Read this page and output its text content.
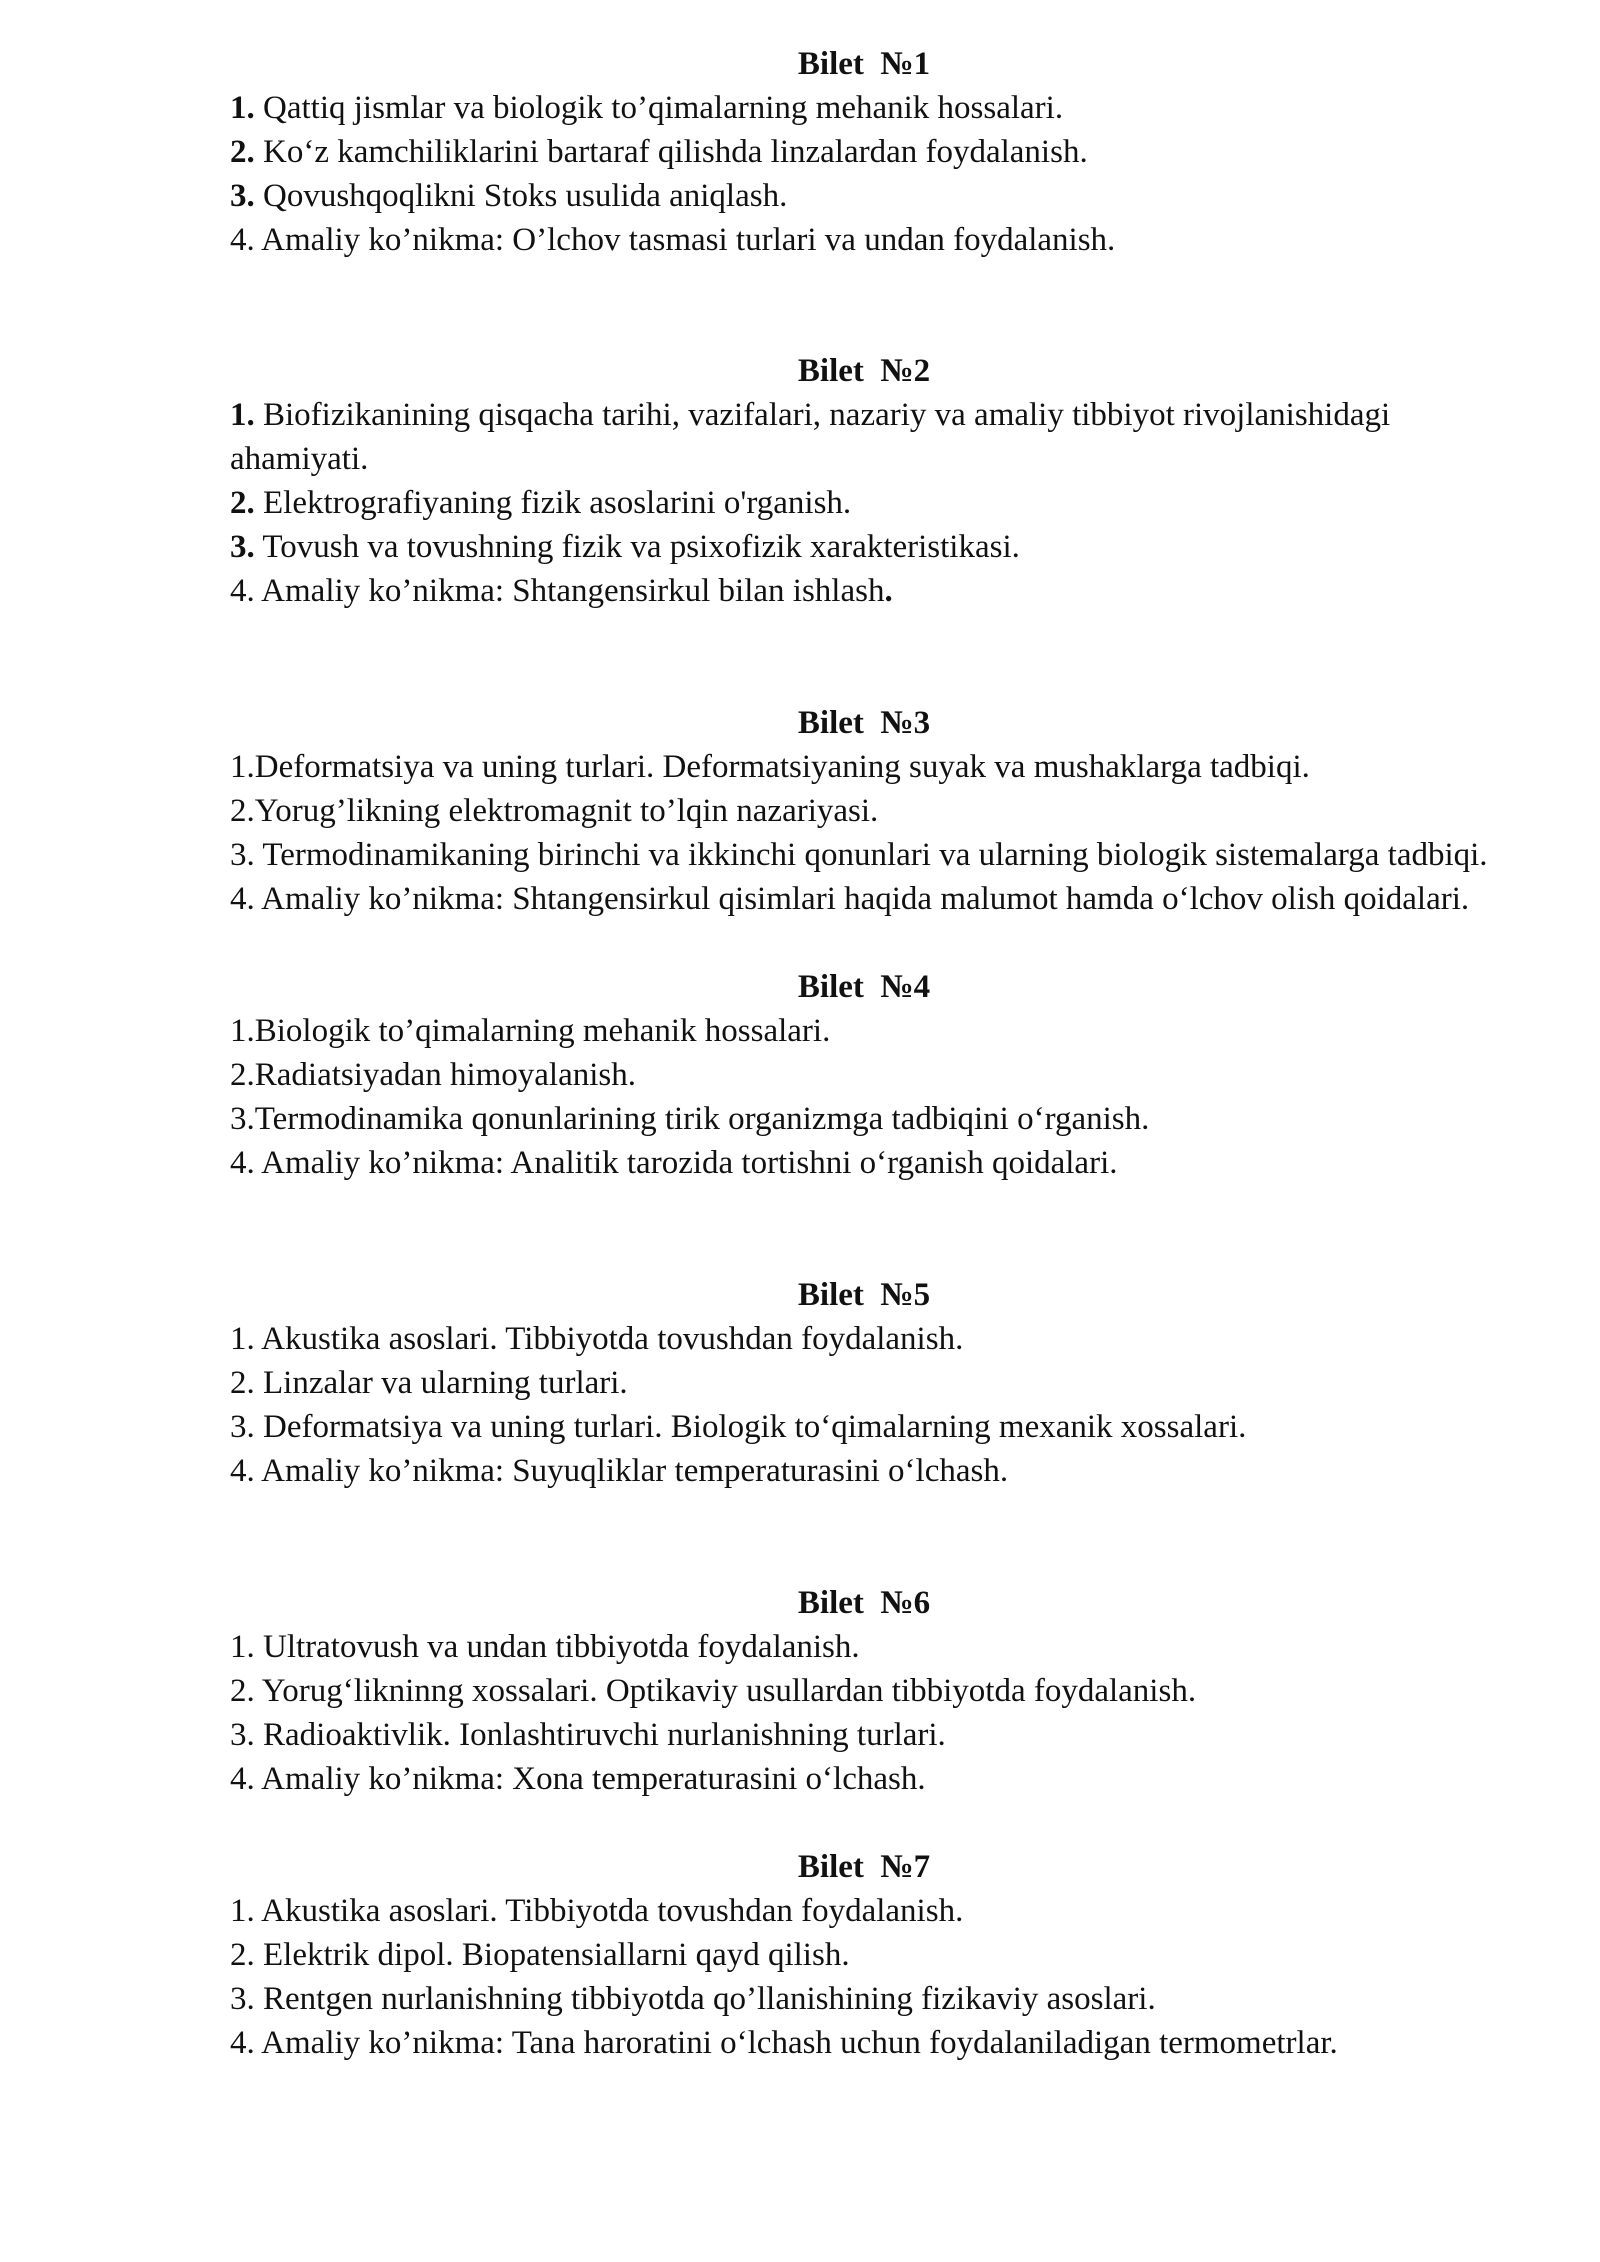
Bilet  №1

1. Qattiq jismlar va biologik to’qimalarning mehanik hossalari.

2. Ko‘z kamchiliklarini bartaraf qilishda linzalardan foydalanish.

3. Qovushqoqlikni Stoks usulida aniqlash.

4. Amaliy ko’nikma: O’lchov tasmasi turlari va undan foydalanish.

Bilet  №2

1. Biofizikanining qisqacha tarihi, vazifalari, nazariy va amaliy tibbiyot rivojlanishidagi ahamiyati.

2. Elektrografiyaning fizik asoslarini o'rganish.

3. Tovush va tovushning fizik va psixofizik xarakteristikasi.

4. Amaliy ko’nikma: Shtangensirkul bilan ishlash.

Bilet  №3

1.Deformatsiya va uning turlari. Deformatsiyaning suyak va mushaklarga tadbiqi.

2.Yorug’likning elektromagnit to’lqin nazariyasi.

3. Termodinamikaning birinchi va ikkinchi qonunlari va ularning biologik sistemalarga tadbiqi.

4. Amaliy ko’nikma: Shtangensirkul qisimlari haqida malumot hamda o‘lchov olish qoidalari.

Bilet  №4

1.Biologik to’qimalarning mehanik hossalari.

2.Radiatsiyadan himoyalanish.

3.Termodinamika qonunlarining tirik organizmga tadbiqini o‘rganish.

4. Amaliy ko’nikma: Analitik tarozida tortishni o‘rganish qoidalari.

Bilet  №5

1. Akustika asoslari. Tibbiyotda tovushdan foydalanish.

2. Linzalar va ularning turlari.

3. Deformatsiya va uning turlari. Biologik to‘qimalarning mexanik xossalari.

4. Amaliy ko’nikma: Suyuqliklar temperaturasini o‘lchash.

Bilet  №6

1. Ultratovush va undan tibbiyotda foydalanish.

2. Yorug‘likninng xossalari. Optikaviy usullardan tibbiyotda foydalanish.

3. Radioaktivlik. Ionlashtiruvchi nurlanishning turlari.

4. Amaliy ko’nikma: Xona temperaturasini o‘lchash.

Bilet  №7

1. Akustika asoslari. Tibbiyotda tovushdan foydalanish.

2. Elektrik dipol. Biopatensiallarni qayd qilish.

3. Rentgen nurlanishning tibbiyotda qo’llanishining fizikaviy asoslari.

4. Amaliy ko’nikma: Tana haroratini o‘lchash uchun foydalaniladigan termometrlar.
